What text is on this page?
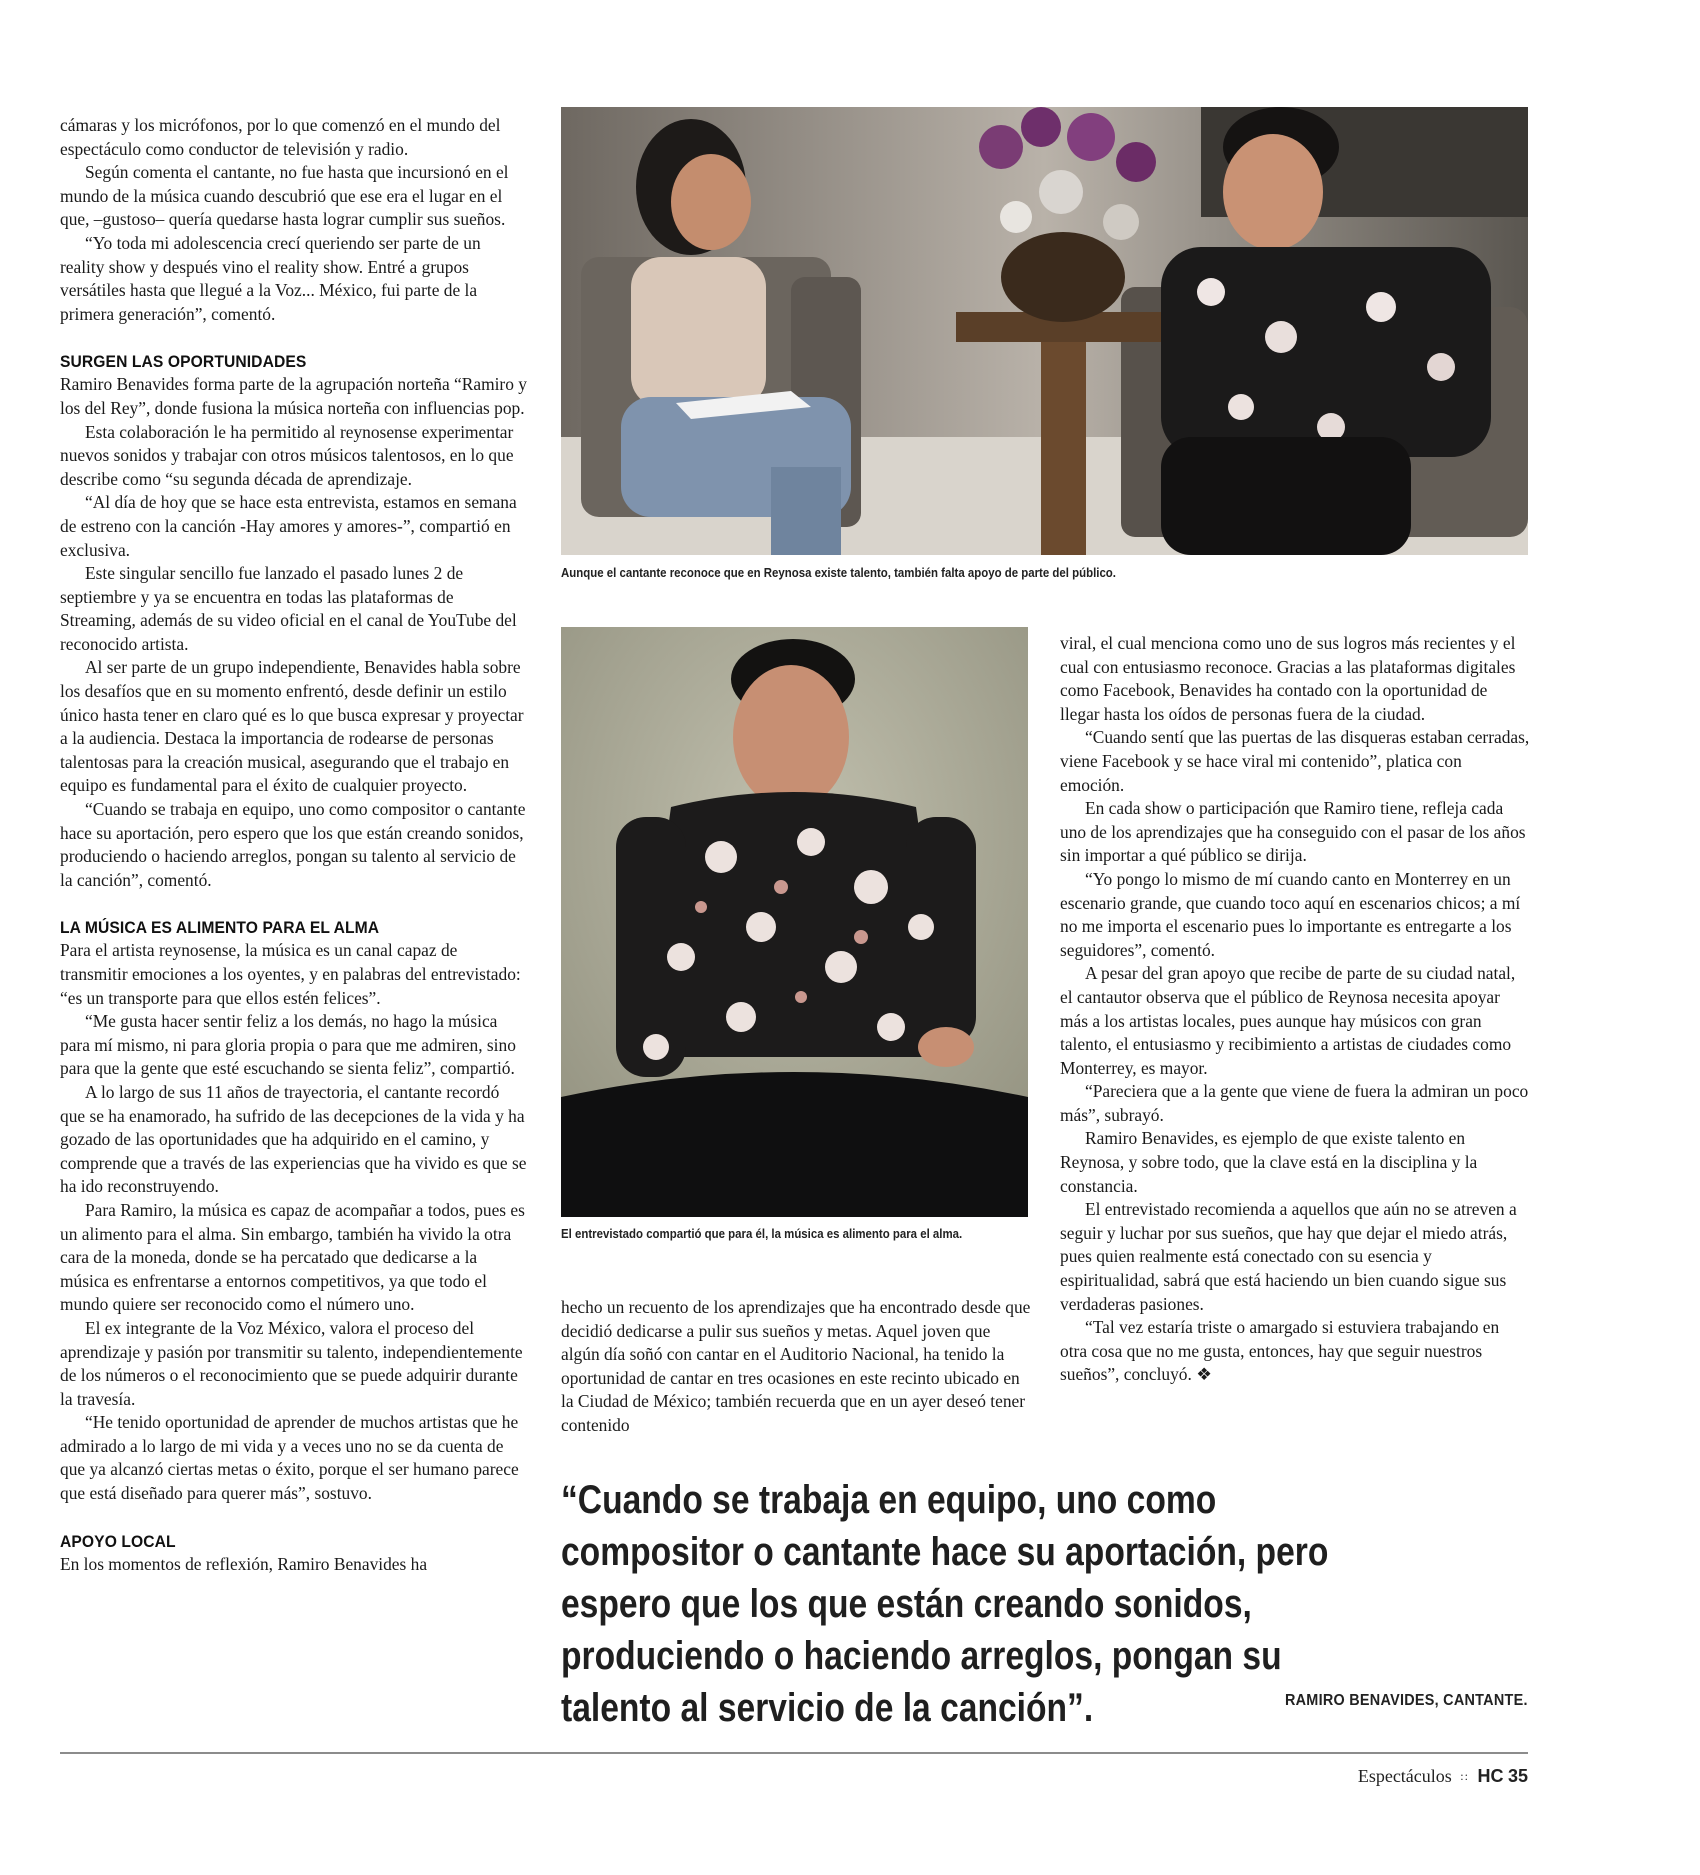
cámaras y los micrófonos, por lo que comenzó en el mundo del espectáculo como conductor de televisión y radio.

Según comenta el cantante, no fue hasta que incursionó en el mundo de la música cuando descubrió que ese era el lugar en el que, –gustoso– quería quedarse hasta lograr cumplir sus sueños.

“Yo toda mi adolescencia crecí queriendo ser parte de un reality show y después vino el reality show. Entré a grupos versátiles hasta que llegué a la Voz... México, fui parte de la primera generación”, comentó.

SURGEN LAS OPORTUNIDADES

Ramiro Benavides forma parte de la agrupación norteña “Ramiro y los del Rey”, donde fusiona la música norteña con influencias pop.

Esta colaboración le ha permitido al reynosense experimentar nuevos sonidos y trabajar con otros músicos talentosos, en lo que describe como “su segunda década de aprendizaje.

“Al día de hoy que se hace esta entrevista, estamos en semana de estreno con la canción -Hay amores y amores-”, compartió en exclusiva.

Este singular sencillo fue lanzado el pasado lunes 2 de septiembre y ya se encuentra en todas las plataformas de Streaming, además de su video oficial en el canal de YouTube del reconocido artista.

Al ser parte de un grupo independiente, Benavides habla sobre los desafíos que en su momento enfrentó, desde definir un estilo único hasta tener en claro qué es lo que busca expresar y proyectar a la audiencia. Destaca la importancia de rodearse de personas talentosas para la creación musical, asegurando que el trabajo en equipo es fundamental para el éxito de cualquier proyecto.

“Cuando se trabaja en equipo, uno como compositor o cantante hace su aportación, pero espero que los que están creando sonidos, produciendo o haciendo arreglos, pongan su talento al servicio de la canción”, comentó.

LA MÚSICA ES ALIMENTO PARA EL ALMA

Para el artista reynosense, la música es un canal capaz de transmitir emociones a los oyentes, y en palabras del entrevistado: “es un transporte para que ellos estén felices”.

“Me gusta hacer sentir feliz a los demás, no hago la música para mí mismo, ni para gloria propia o para que me admiren, sino para que la gente que esté escuchando se sienta feliz”, compartió.

A lo largo de sus 11 años de trayectoria, el cantante recordó que se ha enamorado, ha sufrido de las decepciones de la vida y ha gozado de las oportunidades que ha adquirido en el camino, y comprende que a través de las experiencias que ha vivido es que se ha ido reconstruyendo.

Para Ramiro, la música es capaz de acompañar a todos, pues es un alimento para el alma. Sin embargo, también ha vivido la otra cara de la moneda, donde se ha percatado que dedicarse a la música es enfrentarse a entornos competitivos, ya que todo el mundo quiere ser reconocido como el número uno.

El ex integrante de la Voz México, valora el proceso del aprendizaje y pasión por transmitir su talento, independientemente de los números o el reconocimiento que se puede adquirir durante la travesía.

“He tenido oportunidad de aprender de muchos artistas que he admirado a lo largo de mi vida y a veces uno no se da cuenta de que ya alcanzó ciertas metas o éxito, porque el ser humano parece que está diseñado para querer más”, sostuvo.

APOYO LOCAL

En los momentos de reflexión, Ramiro Benavides ha

Aunque el cantante reconoce que en Reynosa existe talento, también falta apoyo de parte del público.
El entrevistado compartió que para él, la música es alimento para el alma.

hecho un recuento de los aprendizajes que ha encontrado desde que decidió dedicarse a pulir sus sueños y metas. Aquel joven que algún día soñó con cantar en el Auditorio Nacional, ha tenido la oportunidad de cantar en tres ocasiones en este recinto ubicado en la Ciudad de México; también recuerda que en un ayer deseó tener contenido

viral, el cual menciona como uno de sus logros más recientes y el cual con entusiasmo reconoce. Gracias a las plataformas digitales como Facebook, Benavides ha contado con la oportunidad de llegar hasta los oídos de personas fuera de la ciudad.

“Cuando sentí que las puertas de las disqueras estaban cerradas, viene Facebook y se hace viral mi contenido”, platica con emoción.

En cada show o participación que Ramiro tiene, refleja cada uno de los aprendizajes que ha conseguido con el pasar de los años sin importar a qué público se dirija.

“Yo pongo lo mismo de mí cuando canto en Monterrey en un escenario grande, que cuando toco aquí en escenarios chicos; a mí no me importa el escenario pues lo importante es entregarte a los seguidores”, comentó.

A pesar del gran apoyo que recibe de parte de su ciudad natal, el cantautor observa que el público de Reynosa necesita apoyar más a los artistas locales, pues aunque hay músicos con gran talento, el entusiasmo y recibimiento a artistas de ciudades como Monterrey, es mayor.

“Pareciera que a la gente que viene de fuera la admiran un poco más”, subrayó.

Ramiro Benavides, es ejemplo de que existe talento en Reynosa, y sobre todo, que la clave está en la disciplina y la constancia.

El entrevistado recomienda a aquellos que aún no se atreven a seguir y luchar por sus sueños, que hay que dejar el miedo atrás, pues quien realmente está conectado con su esencia y espiritualidad, sabrá que está haciendo un bien cuando sigue sus verdaderas pasiones.

“Tal vez estaría triste o amargado si estuviera trabajando en otra cosa que no me gusta, entonces, hay que seguir nuestros sueños”, concluyó. ❖

“Cuando se trabaja en equipo, uno como compositor o cantante hace su aportación, pero espero que los que están creando sonidos, produciendo o haciendo arreglos, pongan su talento al servicio de la canción”.	RAMIRO BENAVIDES, CANTANTE.
Espectáculos :: HC 35
